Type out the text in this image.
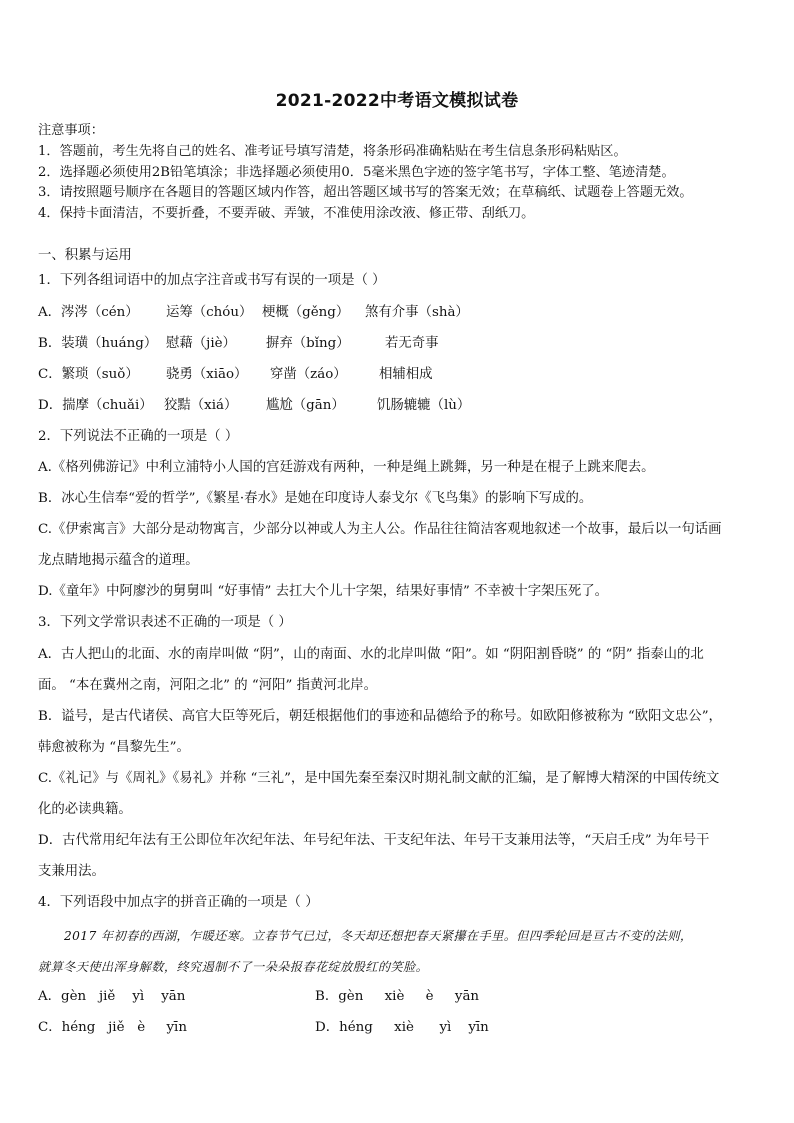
2021-2022中考语文模拟试卷
注意事项：
1．答题前，考生先将自己的姓名、准考证号填写清楚，将条形码准确粘贴在考生信息条形码粘贴区。
2．选择题必须使用2B铅笔填涂；非选择题必须使用0．5毫米黑色字迹的签字笔书写，字体工整、笔迹清楚。
3．请按照题号顺序在各题目的答题区域内作答，超出答题区域书写的答案无效；在草稿纸、试题卷上答题无效。
4．保持卡面清洁，不要折叠，不要弄破、弄皱，不准使用涂改液、修正带、刮纸刀。
一、积累与运用
1．下列各组词语中的加点字注音或书写有误的一项是（ ）
A．涔涔（cén） 运筹（chóu） 梗概（gěng） 煞有介事（shà）
B．装璜（huáng） 慰藉（jiè） 摒弃（bǐng）	若无奇事
C．繁琐（suǒ） 骁勇（xiāo） 穿凿（záo） 相辅相成
D．揣摩（chuǎi） 狡黠（xiá） 尴尬（gān） 饥肠辘辘（lù）
2．下列说法不正确的一项是（ ）
A.《格列佛游记》中利立浦特小人国的宫廷游戏有两种，一种是绳上跳舞，另一种是在棍子上跳来爬去。
B．冰心生信奉“爱的哲学”,《繁星·春水》是她在印度诗人泰戈尔《飞鸟集》的影响下写成的。
C.《伊索寓言》大部分是动物寓言，少部分以神或人为主人公。作品往往简洁客观地叙述一个故事，最后以一句话画
龙点睛地揭示蕴含的道理。
D.《童年》中阿廖沙的舅舅叫 “好事情” 去扛大个儿十字架，结果好事情” 不幸被十字架压死了。
3．下列文学常识表述不正确的一项是（ ）
A．古人把山的北面、水的南岸叫做 “阴”，山的南面、水的北岸叫做 “阳”。如 “阴阳割昏晓” 的 “阴” 指泰山的北
面。 “本在冀州之南，河阳之北” 的 “河阳” 指黄河北岸。
B．谥号，是古代诸侯、高官大臣等死后，朝廷根据他们的事迹和品德给予的称号。如欧阳修被称为 “欧阳文忠公”，
韩愈被称为 “昌黎先生”。
C.《礼记》与《周礼》《易礼》并称 “三礼”，是中国先秦至秦汉时期礼制文献的汇编，是了解博大精深的中国传统文
化的必读典籍。
D．古代常用纪年法有王公即位年次纪年法、年号纪年法、干支纪年法、年号干支兼用法等，“天启壬戌” 为年号干
支兼用法。
4．下列语段中加点字的拼音正确的一项是（ ）
2017 年初春的西湖，乍暖还寒。立春节气已过，冬天却还想把春天紧攥在手里。但四季轮回是亘古不变的法则，
就算冬天使出浑身解数，终究遏制不了一朵朵报春花绽放殷红的笑脸。
A．gèn   jiě    yì    yān	B．gèn     xiè     è     yān
C．héng   jiě   è     yīn	D．héng     xiè      yì    yīn
